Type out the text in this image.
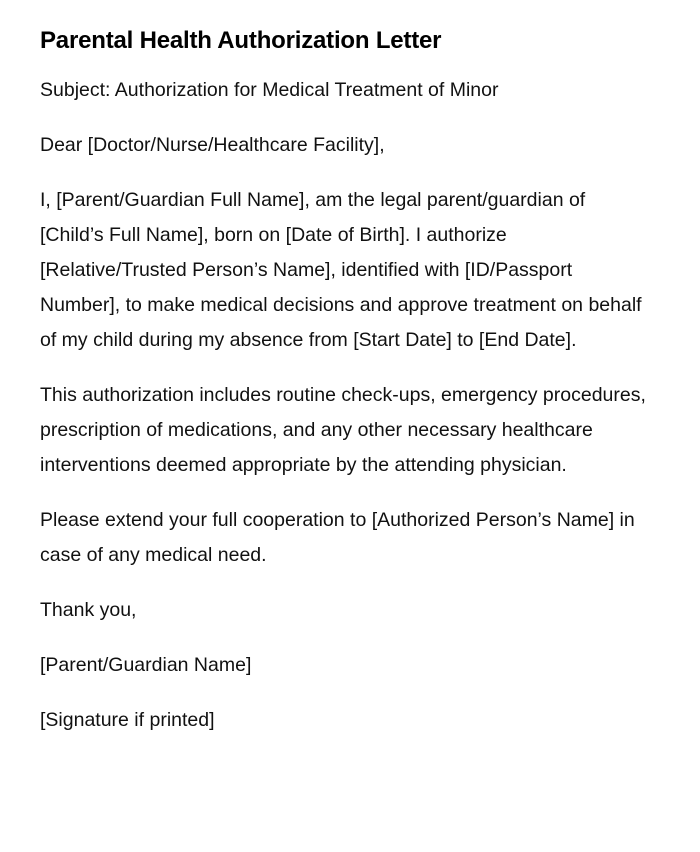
Parental Health Authorization Letter

Subject: Authorization for Medical Treatment of Minor

Dear [Doctor/Nurse/Healthcare Facility],

I, [Parent/Guardian Full Name], am the legal parent/guardian of [Child’s Full Name], born on [Date of Birth]. I authorize [Relative/Trusted Person’s Name], identified with [ID/Passport Number], to make medical decisions and approve treatment on behalf of my child during my absence from [Start Date] to [End Date].

This authorization includes routine check-ups, emergency procedures, prescription of medications, and any other necessary healthcare interventions deemed appropriate by the attending physician.

Please extend your full cooperation to [Authorized Person’s Name] in case of any medical need.

Thank you,

[Parent/Guardian Name]

[Signature if printed]
